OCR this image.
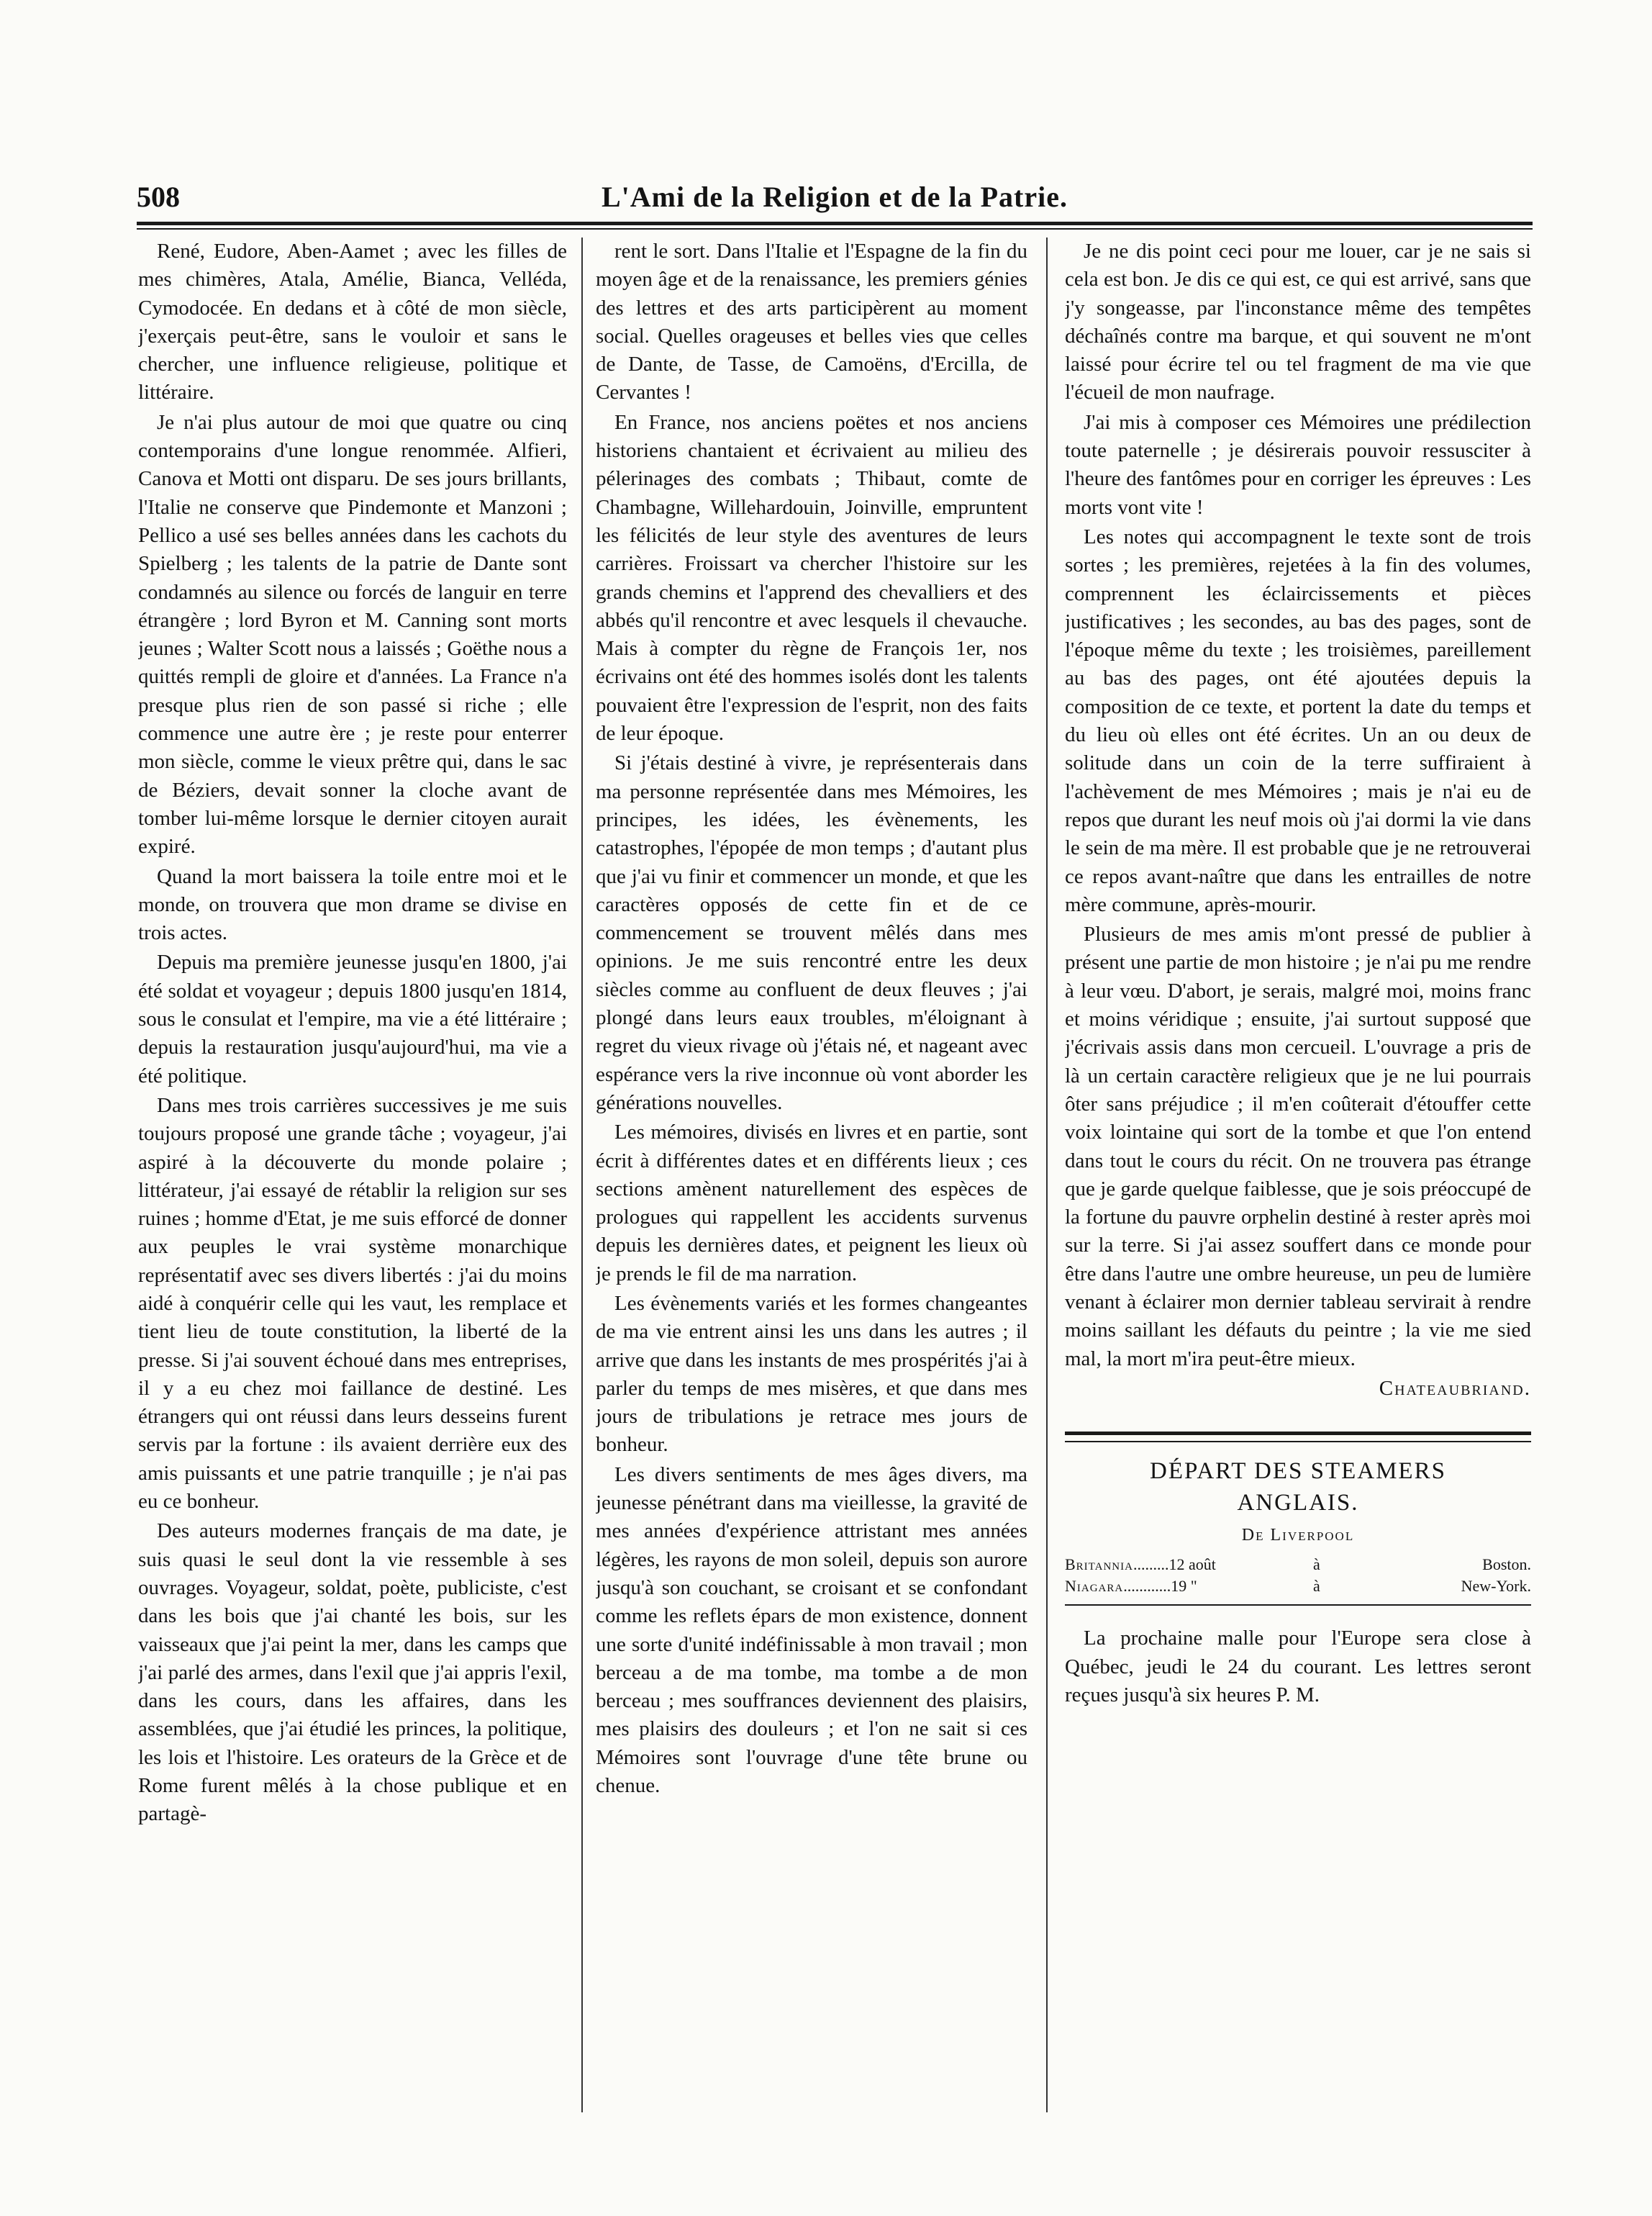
508	L'Ami de la Religion et de la Patrie.

René, Eudore, Aben-Aamet ; avec les filles de mes chimères, Atala, Amélie, Bianca, Velléda, Cymodocée. En dedans et à côté de mon siècle, j'exerçais peut-être, sans le vouloir et sans le chercher, une influence religieuse, politique et littéraire.

Je n'ai plus autour de moi que quatre ou cinq contemporains d'une longue renommée. Alfieri, Canova et Motti ont disparu. De ses jours brillants, l'Italie ne conserve que Pindemonte et Manzoni ; Pellico a usé ses belles années dans les cachots du Spielberg ; les talents de la patrie de Dante sont condamnés au silence ou forcés de languir en terre étrangère ; lord Byron et M. Canning sont morts jeunes ; Walter Scott nous a laissés ; Goëthe nous a quittés rempli de gloire et d'années. La France n'a presque plus rien de son passé si riche ; elle commence une autre ère ; je reste pour enterrer mon siècle, comme le vieux prêtre qui, dans le sac de Béziers, devait sonner la cloche avant de tomber lui-même lorsque le dernier citoyen aurait expiré.

Quand la mort baissera la toile entre moi et le monde, on trouvera que mon drame se divise en trois actes.

Depuis ma première jeunesse jusqu'en 1800, j'ai été soldat et voyageur ; depuis 1800 jusqu'en 1814, sous le consulat et l'empire, ma vie a été littéraire ; depuis la restauration jusqu'aujourd'hui, ma vie a été politique.

Dans mes trois carrières successives je me suis toujours proposé une grande tâche ; voyageur, j'ai aspiré à la découverte du monde polaire ; littérateur, j'ai essayé de rétablir la religion sur ses ruines ; homme d'Etat, je me suis efforcé de donner aux peuples le vrai système monarchique représentatif avec ses divers libertés : j'ai du moins aidé à conquérir celle qui les vaut, les remplace et tient lieu de toute constitution, la liberté de la presse. Si j'ai souvent échoué dans mes entreprises, il y a eu chez moi faillance de destiné. Les étrangers qui ont réussi dans leurs desseins furent servis par la fortune : ils avaient derrière eux des amis puissants et une patrie tranquille ; je n'ai pas eu ce bonheur.

Des auteurs modernes français de ma date, je suis quasi le seul dont la vie ressemble à ses ouvrages. Voyageur, soldat, poète, publiciste, c'est dans les bois que j'ai chanté les bois, sur les vaisseaux que j'ai peint la mer, dans les camps que j'ai parlé des armes, dans l'exil que j'ai appris l'exil, dans les cours, dans les affaires, dans les assemblées, que j'ai étudié les princes, la politique, les lois et l'histoire. Les orateurs de la Grèce et de Rome furent mêlés à la chose publique et en partagè-

rent le sort. Dans l'Italie et l'Espagne de la fin du moyen âge et de la renaissance, les premiers génies des lettres et des arts participèrent au moment social. Quelles orageuses et belles vies que celles de Dante, de Tasse, de Camoëns, d'Ercilla, de Cervantes !

En France, nos anciens poëtes et nos anciens historiens chantaient et écrivaient au milieu des pélerinages des combats ; Thibaut, comte de Chambagne, Willehardouin, Joinville, empruntent les félicités de leur style des aventures de leurs carrières. Froissart va chercher l'histoire sur les grands chemins et l'apprend des chevalliers et des abbés qu'il rencontre et avec lesquels il chevauche. Mais à compter du règne de François 1er, nos écrivains ont été des hommes isolés dont les talents pouvaient être l'expression de l'esprit, non des faits de leur époque.

Si j'étais destiné à vivre, je représenterais dans ma personne représentée dans mes Mémoires, les principes, les idées, les évènements, les catastrophes, l'épopée de mon temps ; d'autant plus que j'ai vu finir et commencer un monde, et que les caractères opposés de cette fin et de ce commencement se trouvent mêlés dans mes opinions. Je me suis rencontré entre les deux siècles comme au confluent de deux fleuves ; j'ai plongé dans leurs eaux troubles, m'éloignant à regret du vieux rivage où j'étais né, et nageant avec espérance vers la rive inconnue où vont aborder les générations nouvelles.

Les mémoires, divisés en livres et en partie, sont écrit à différentes dates et en différents lieux ; ces sections amènent naturellement des espèces de prologues qui rappellent les accidents survenus depuis les dernières dates, et peignent les lieux où je prends le fil de ma narration.

Les évènements variés et les formes changeantes de ma vie entrent ainsi les uns dans les autres ; il arrive que dans les instants de mes prospérités j'ai à parler du temps de mes misères, et que dans mes jours de tribulations je retrace mes jours de bonheur.

Les divers sentiments de mes âges divers, ma jeunesse pénétrant dans ma vieillesse, la gravité de mes années d'expérience attristant mes années légères, les rayons de mon soleil, depuis son aurore jusqu'à son couchant, se croisant et se confondant comme les reflets épars de mon existence, donnent une sorte d'unité indéfinissable à mon travail ; mon berceau a de ma tombe, ma tombe a de mon berceau ; mes souffrances deviennent des plaisirs, mes plaisirs des douleurs ; et l'on ne sait si ces Mémoires sont l'ouvrage d'une tête brune ou chenue.

Je ne dis point ceci pour me louer, car je ne sais si cela est bon. Je dis ce qui est, ce qui est arrivé, sans que j'y songeasse, par l'inconstance même des tempêtes déchaînés contre ma barque, et qui souvent ne m'ont laissé pour écrire tel ou tel fragment de ma vie que l'écueil de mon naufrage.

J'ai mis à composer ces Mémoires une prédilection toute paternelle ; je désirerais pouvoir ressusciter à l'heure des fantômes pour en corriger les épreuves : Les morts vont vite !

Les notes qui accompagnent le texte sont de trois sortes ; les premières, rejetées à la fin des volumes, comprennent les éclaircissements et pièces justificatives ; les secondes, au bas des pages, sont de l'époque même du texte ; les troisièmes, pareillement au bas des pages, ont été ajoutées depuis la composition de ce texte, et portent la date du temps et du lieu où elles ont été écrites. Un an ou deux de solitude dans un coin de la terre suffiraient à l'achèvement de mes Mémoires ; mais je n'ai eu de repos que durant les neuf mois où j'ai dormi la vie dans le sein de ma mère. Il est probable que je ne retrouverai ce repos avant-naître que dans les entrailles de notre mère commune, après-mourir.

Plusieurs de mes amis m'ont pressé de publier à présent une partie de mon histoire ; je n'ai pu me rendre à leur vœu. D'abort, je serais, malgré moi, moins franc et moins véridique ; ensuite, j'ai surtout supposé que j'écrivais assis dans mon cercueil. L'ouvrage a pris de là un certain caractère religieux que je ne lui pourrais ôter sans préjudice ; il m'en coûterait d'étouffer cette voix lointaine qui sort de la tombe et que l'on entend dans tout le cours du récit. On ne trouvera pas étrange que je garde quelque faiblesse, que je sois préoccupé de la fortune du pauvre orphelin destiné à rester après moi sur la terre. Si j'ai assez souffert dans ce monde pour être dans l'autre une ombre heureuse, un peu de lumière venant à éclairer mon dernier tableau servirait à rendre moins saillant les défauts du peintre ; la vie me sied mal, la mort m'ira peut-être mieux.

Chateaubriand.

DÉPART DES STEAMERS
ANGLAIS.
De Liverpool
Britannia.........12 août	à	Boston.
Niagara............19 "	à	New-York.

La prochaine malle pour l'Europe sera close à Québec, jeudi le 24 du courant. Les lettres seront reçues jusqu'à six heures P. M.
